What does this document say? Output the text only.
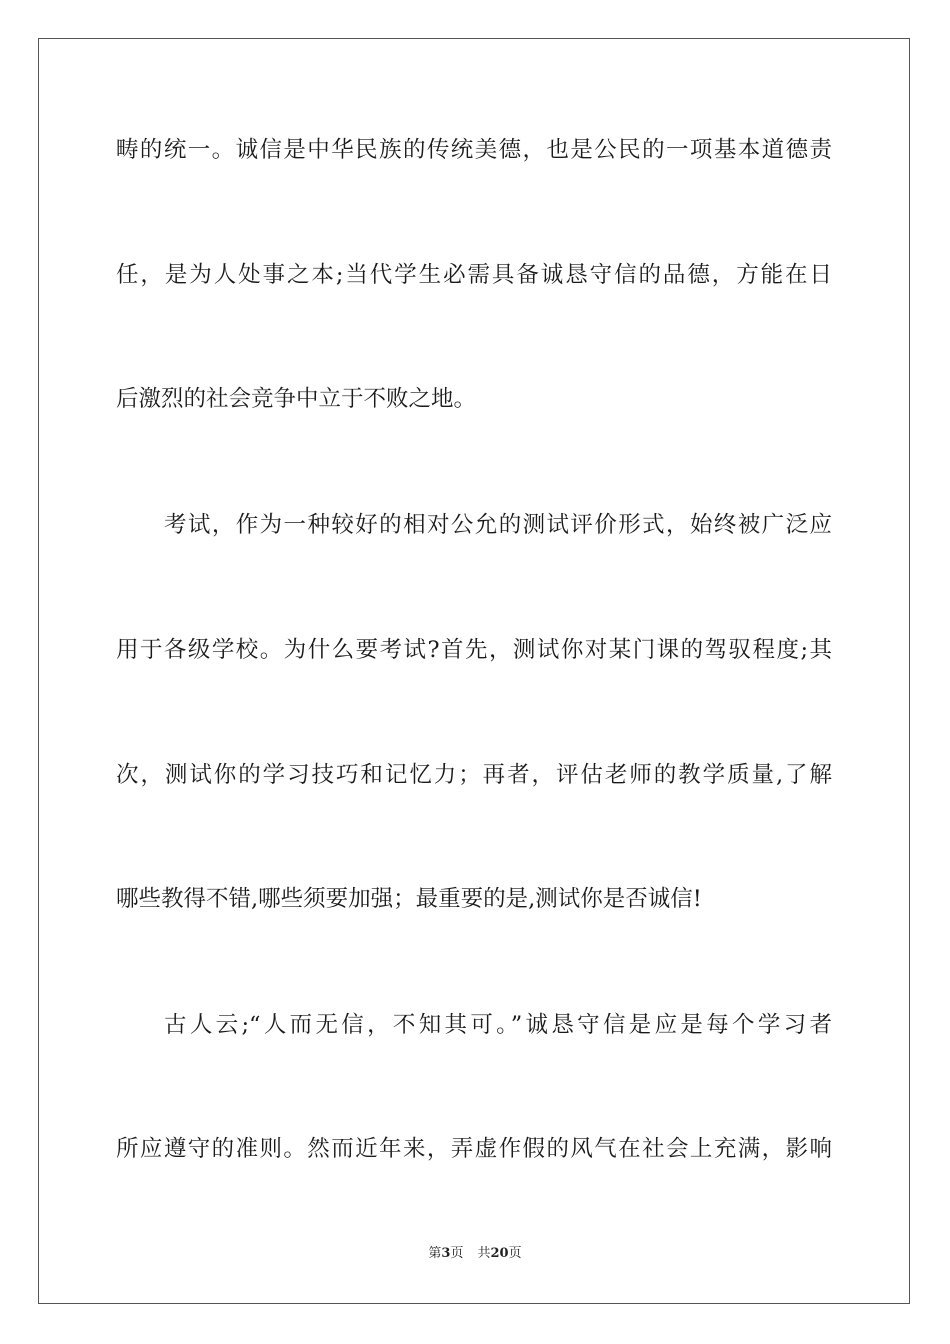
畴的统一。诚信是中华民族的传统美德，也是公民的一项基本道德责
任，是为人处事之本;当代学生必需具备诚恳守信的品德，方能在日
后激烈的社会竞争中立于不败之地。
考试，作为一种较好的相对公允的测试评价形式，始终被广泛应
用于各级学校。为什么要考试?首先，测试你对某门课的驾驭程度;其
次，测试你的学习技巧和记忆力；再者，评估老师的教学质量,了解
哪些教得不错,哪些须要加强；最重要的是,测试你是否诚信!
古人云;“人而无信，不知其可。”诚恳守信是应是每个学习者
所应遵守的准则。然而近年来，弄虚作假的风气在社会上充满，影响
第3页 共20页
